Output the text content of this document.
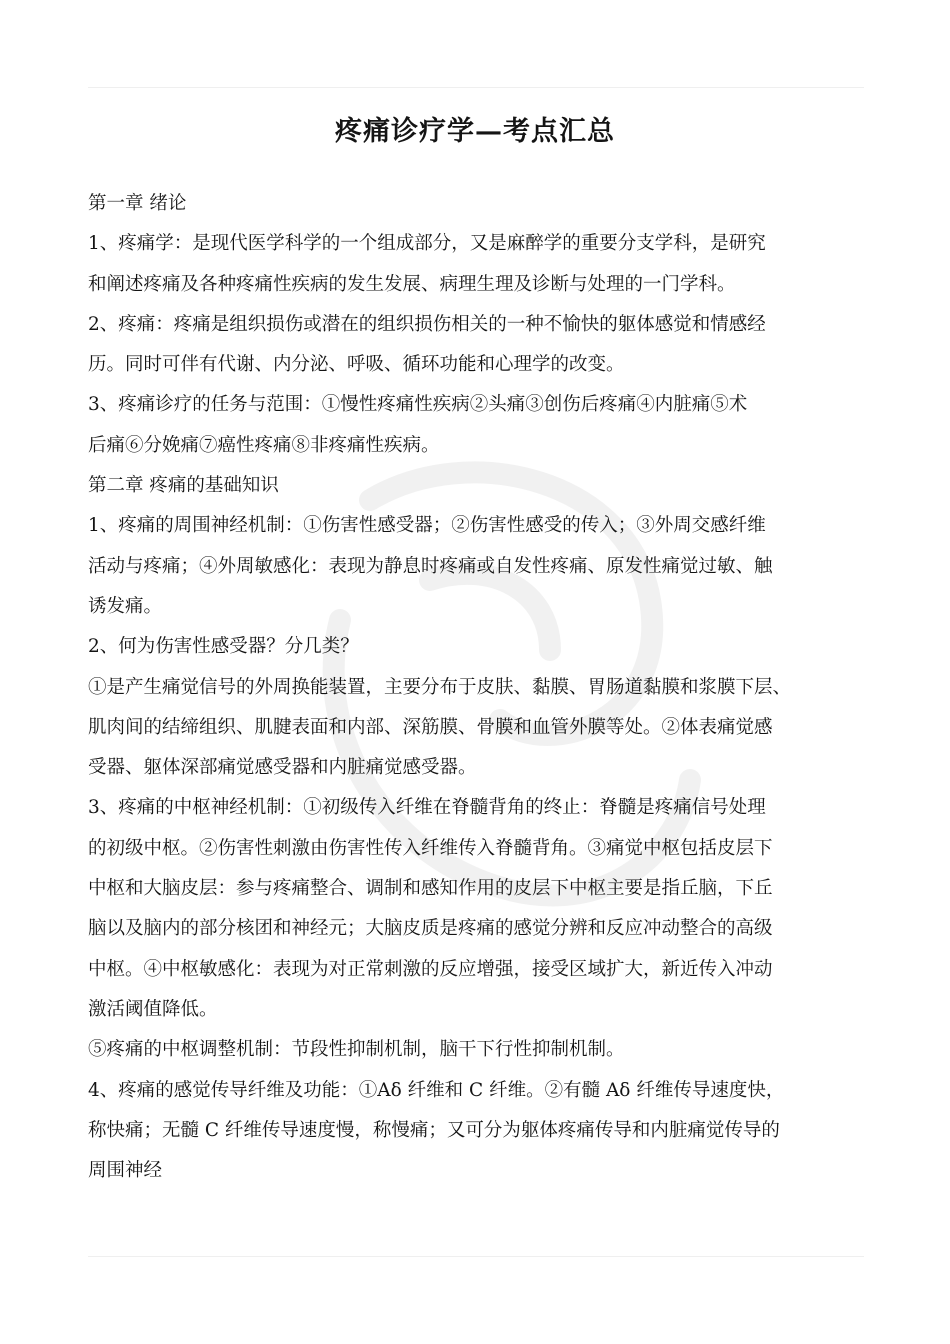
疼痛诊疗学—考点汇总
第一章 绪论
1、疼痛学：是现代医学科学的一个组成部分，又是麻醉学的重要分支学科，是研究
和阐述疼痛及各种疼痛性疾病的发生发展、病理生理及诊断与处理的一门学科。
2、疼痛：疼痛是组织损伤或潜在的组织损伤相关的一种不愉快的躯体感觉和情感经
历。同时可伴有代谢、内分泌、呼吸、循环功能和心理学的改变。
3、疼痛诊疗的任务与范围：①慢性疼痛性疾病②头痛③创伤后疼痛④内脏痛⑤术
后痛⑥分娩痛⑦癌性疼痛⑧非疼痛性疾病。
第二章 疼痛的基础知识
1、疼痛的周围神经机制：①伤害性感受器；②伤害性感受的传入；③外周交感纤维
活动与疼痛；④外周敏感化：表现为静息时疼痛或自发性疼痛、原发性痛觉过敏、触
诱发痛。
2、何为伤害性感受器？分几类？
①是产生痛觉信号的外周换能装置，主要分布于皮肤、黏膜、胃肠道黏膜和浆膜下层、
肌肉间的结缔组织、肌腱表面和内部、深筋膜、骨膜和血管外膜等处。②体表痛觉感
受器、躯体深部痛觉感受器和内脏痛觉感受器。
3、疼痛的中枢神经机制：①初级传入纤维在脊髓背角的终止：脊髓是疼痛信号处理
的初级中枢。②伤害性刺激由伤害性传入纤维传入脊髓背角。③痛觉中枢包括皮层下
中枢和大脑皮层：参与疼痛整合、调制和感知作用的皮层下中枢主要是指丘脑，下丘
脑以及脑内的部分核团和神经元；大脑皮质是疼痛的感觉分辨和反应冲动整合的高级
中枢。④中枢敏感化：表现为对正常刺激的反应增强，接受区域扩大，新近传入冲动
激活阈值降低。
⑤疼痛的中枢调整机制：节段性抑制机制，脑干下行性抑制机制。
4、疼痛的感觉传导纤维及功能：①Aδ 纤维和 C 纤维。②有髓 Aδ 纤维传导速度快，
称快痛；无髓 C 纤维传导速度慢，称慢痛；又可分为躯体疼痛传导和内脏痛觉传导的
周围神经
